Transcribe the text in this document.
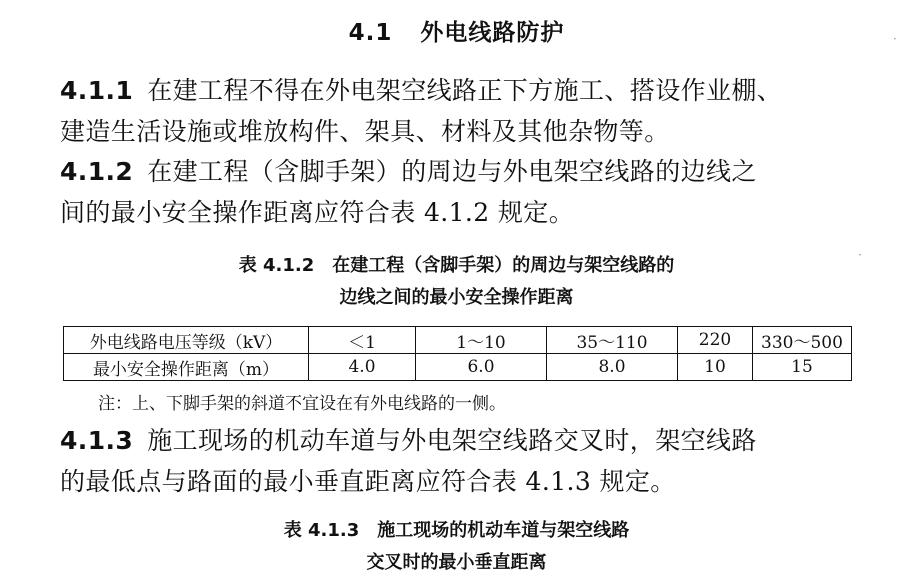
4.1 外电线路防护
4.1.1 在建工程不得在外电架空线路正下方施工、搭设作业棚、
建造生活设施或堆放构件、架具、材料及其他杂物等。
4.1.2 在建工程（含脚手架）的周边与外电架空线路的边线之
间的最小安全操作距离应符合表 4.1.2 规定。
表 4.1.2 在建工程（含脚手架）的周边与架空线路的
边线之间的最小安全操作距离
外电线路电压等级（kV）	＜1	1～10	35～110	220	330～500
最小安全操作距离（m）	4.0	6.0	8.0	10	15
注：上、下脚手架的斜道不宜设在有外电线路的一侧。
4.1.3 施工现场的机动车道与外电架空线路交叉时，架空线路
的最低点与路面的最小垂直距离应符合表 4.1.3 规定。
表 4.1.3 施工现场的机动车道与架空线路
交叉时的最小垂直距离
·
·
